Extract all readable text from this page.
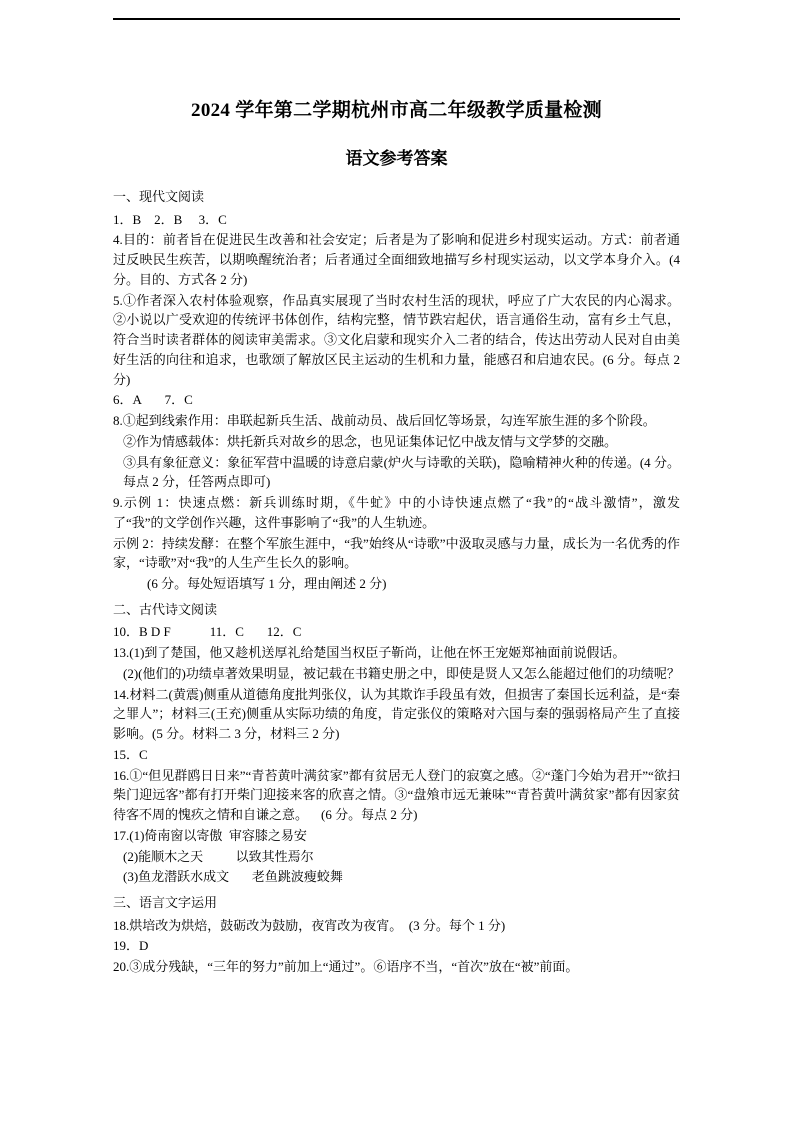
2024 学年第二学期杭州市高二年级教学质量检测
语文参考答案
一、现代文阅读

1．B    2．B     3．C

4.目的：前者旨在促进民生改善和社会安定；后者是为了影响和促进乡村现实运动。方式：前者通过反映民生疾苦，以期唤醒统治者；后者通过全面细致地描写乡村现实运动，以文学本身介入。(4 分。目的、方式各 2 分)

5.①作者深入农村体验观察，作品真实展现了当时农村生活的现状，呼应了广大农民的内心渴求。②小说以广受欢迎的传统评书体创作，结构完整，情节跌宕起伏，语言通俗生动，富有乡土气息，符合当时读者群体的阅读审美需求。③文化启蒙和现实介入二者的结合，传达出劳动人民对自由美好生活的向往和追求，也歌颂了解放区民主运动的生机和力量，能感召和启迪农民。(6 分。每点 2 分)

6．A       7．C

8.①起到线索作用：串联起新兵生活、战前动员、战后回忆等场景，勾连军旅生涯的多个阶段。

②作为情感载体：烘托新兵对故乡的思念，也见证集体记忆中战友情与文学梦的交融。

③具有象征意义：象征军营中温暖的诗意启蒙(炉火与诗歌的关联)，隐喻精神火种的传递。(4 分。每点 2 分，任答两点即可)

9.示例 1：快速点燃：新兵训练时期，《牛虻》中的小诗快速点燃了“我”的“战斗激情”，激发了“我”的文学创作兴趣，这件事影响了“我”的人生轨迹。

示例 2：持续发酵：在整个军旅生涯中，“我”始终从“诗歌”中汲取灵感与力量，成长为一名优秀的作家，“诗歌”对“我”的人生产生长久的影响。

(6 分。每处短语填写 1 分，理由阐述 2 分)

二、古代诗文阅读

10．B D F            11．C       12．C

13.(1)到了楚国，他又趁机送厚礼给楚国当权臣子靳尚，让他在怀王宠姬郑袖面前说假话。

(2)(他们的)功绩卓著效果明显，被记载在书籍史册之中，即使是贤人又怎么能超过他们的功绩呢？

14.材料二(黄震)侧重从道德角度批判张仪，认为其欺诈手段虽有效，但损害了秦国长远利益，是“秦之罪人”；材料三(王充)侧重从实际功绩的角度，肯定张仪的策略对六国与秦的强弱格局产生了直接影响。(5 分。材料二 3 分，材料三 2 分)

15．C

16.①“但见群鸥日日来”“青苔黄叶满贫家”都有贫居无人登门的寂寞之感。②“蓬门今始为君开”“欲扫柴门迎远客”都有打开柴门迎接来客的欣喜之情。③“盘飧市远无兼味”“青苔黄叶满贫家”都有因家贫待客不周的愧疚之情和自谦之意。    (6 分。每点 2 分)

17.(1)倚南窗以寄傲  审容膝之易安

(2)能顺木之天          以致其性焉尔

(3)鱼龙潜跃水成文       老鱼跳波瘦蛟舞

三、语言文字运用

18.烘培改为烘焙，鼓砺改为鼓励，夜宵改为夜宵。  (3 分。每个 1 分)

19．D

20.③成分残缺，“三年的努力”前加上“通过”。⑥语序不当，“首次”放在“被”前面。
